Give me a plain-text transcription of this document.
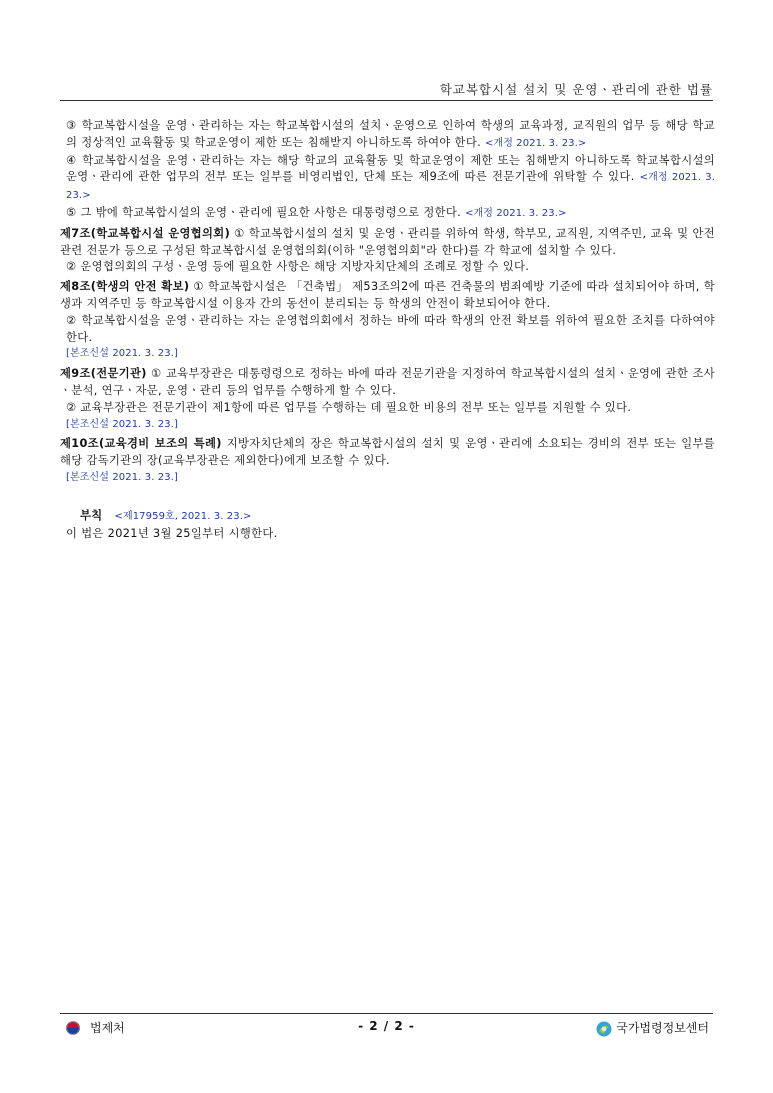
학교복합시설 설치 및 운영ㆍ관리에 관한 법률

③ 학교복합시설을 운영ㆍ관리하는 자는 학교복합시설의 설치ㆍ운영으로 인하여 학생의 교육과정, 교직원의 업무 등 해당 학교의 정상적인 교육활동 및 학교운영이 제한 또는 침해받지 아니하도록 하여야 한다. <개정 2021. 3. 23.>

④ 학교복합시설을 운영ㆍ관리하는 자는 해당 학교의 교육활동 및 학교운영이 제한 또는 침해받지 아니하도록 학교복합시설의 운영ㆍ관리에 관한 업무의 전부 또는 일부를 비영리법인, 단체 또는 제9조에 따른 전문기관에 위탁할 수 있다. <개정 2021. 3. 23.>

⑤ 그 밖에 학교복합시설의 운영ㆍ관리에 필요한 사항은 대통령령으로 정한다. <개정 2021. 3. 23.>

제7조(학교복합시설 운영협의회) ① 학교복합시설의 설치 및 운영ㆍ관리를 위하여 학생, 학부모, 교직원, 지역주민, 교육 및 안전 관련 전문가 등으로 구성된 학교복합시설 운영협의회(이하 "운영협의회"라 한다)를 각 학교에 설치할 수 있다.

② 운영협의회의 구성ㆍ운영 등에 필요한 사항은 해당 지방자치단체의 조례로 정할 수 있다.

제8조(학생의 안전 확보) ① 학교복합시설은 「건축법」 제53조의2에 따른 건축물의 범죄예방 기준에 따라 설치되어야 하며, 학생과 지역주민 등 학교복합시설 이용자 간의 동선이 분리되는 등 학생의 안전이 확보되어야 한다.

② 학교복합시설을 운영ㆍ관리하는 자는 운영협의회에서 정하는 바에 따라 학생의 안전 확보를 위하여 필요한 조치를 다하여야 한다.

[본조신설 2021. 3. 23.]

제9조(전문기관) ① 교육부장관은 대통령령으로 정하는 바에 따라 전문기관을 지정하여 학교복합시설의 설치ㆍ운영에 관한 조사ㆍ분석, 연구ㆍ자문, 운영ㆍ관리 등의 업무를 수행하게 할 수 있다.

② 교육부장관은 전문기관이 제1항에 따른 업무를 수행하는 데 필요한 비용의 전부 또는 일부를 지원할 수 있다.

[본조신설 2021. 3. 23.]

제10조(교육경비 보조의 특례) 지방자치단체의 장은 학교복합시설의 설치 및 운영ㆍ관리에 소요되는 경비의 전부 또는 일부를 해당 감독기관의 장(교육부장관은 제외한다)에게 보조할 수 있다.

[본조신설 2021. 3. 23.]
부칙 <제17959호, 2021. 3. 23.>

이 법은 2021년 3월 25일부터 시행한다.

법제처	- 2 / 2 -	국가법령정보센터
